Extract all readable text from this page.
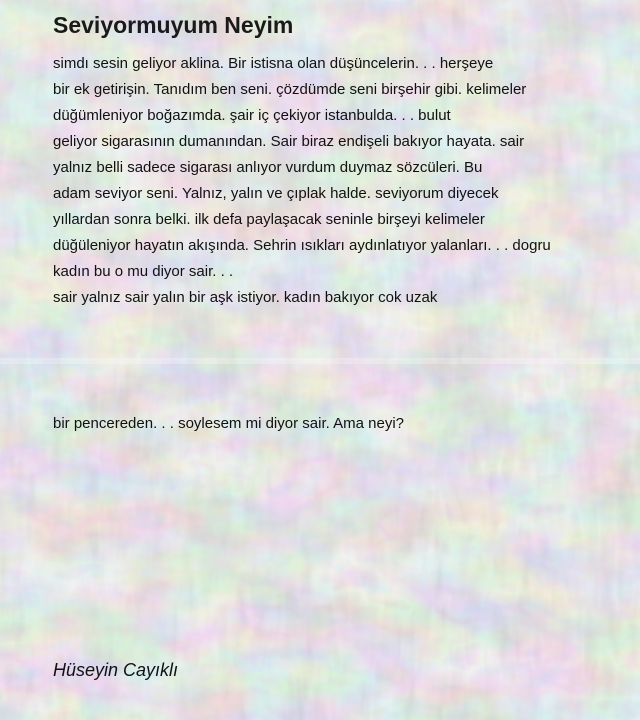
Seviyormuyum Neyim
simdı sesin geliyor aklina. Bir istisna olan düşüncelerin. . . herşeye
bir ek getirişin. Tanıdım ben seni. çözdümde seni birşehir gibi. kelimeler
düğümleniyor boğazımda. şair iç çekiyor istanbulda. . . bulut
geliyor sigarasının dumanından. Sair biraz endişeli bakıyor hayata. sair
yalnız belli sadece sigarası anlıyor vurdum duymaz sözcüleri. Bu
adam seviyor seni. Yalnız, yalın ve çıplak halde. seviyorum diyecek
yıllardan sonra belki. ilk defa paylaşacak seninle birşeyi kelimeler
düğüleniyor hayatın akışında. Sehrin ısıkları aydınlatıyor yalanları. . . dogru
kadın bu o mu diyor sair. . .
sair yalnız sair yalın bir aşk istiyor. kadın bakıyor cok uzak
bir pencereden. . . soylesem mi diyor sair. Ama neyi?
Hüseyin Cayıklı
